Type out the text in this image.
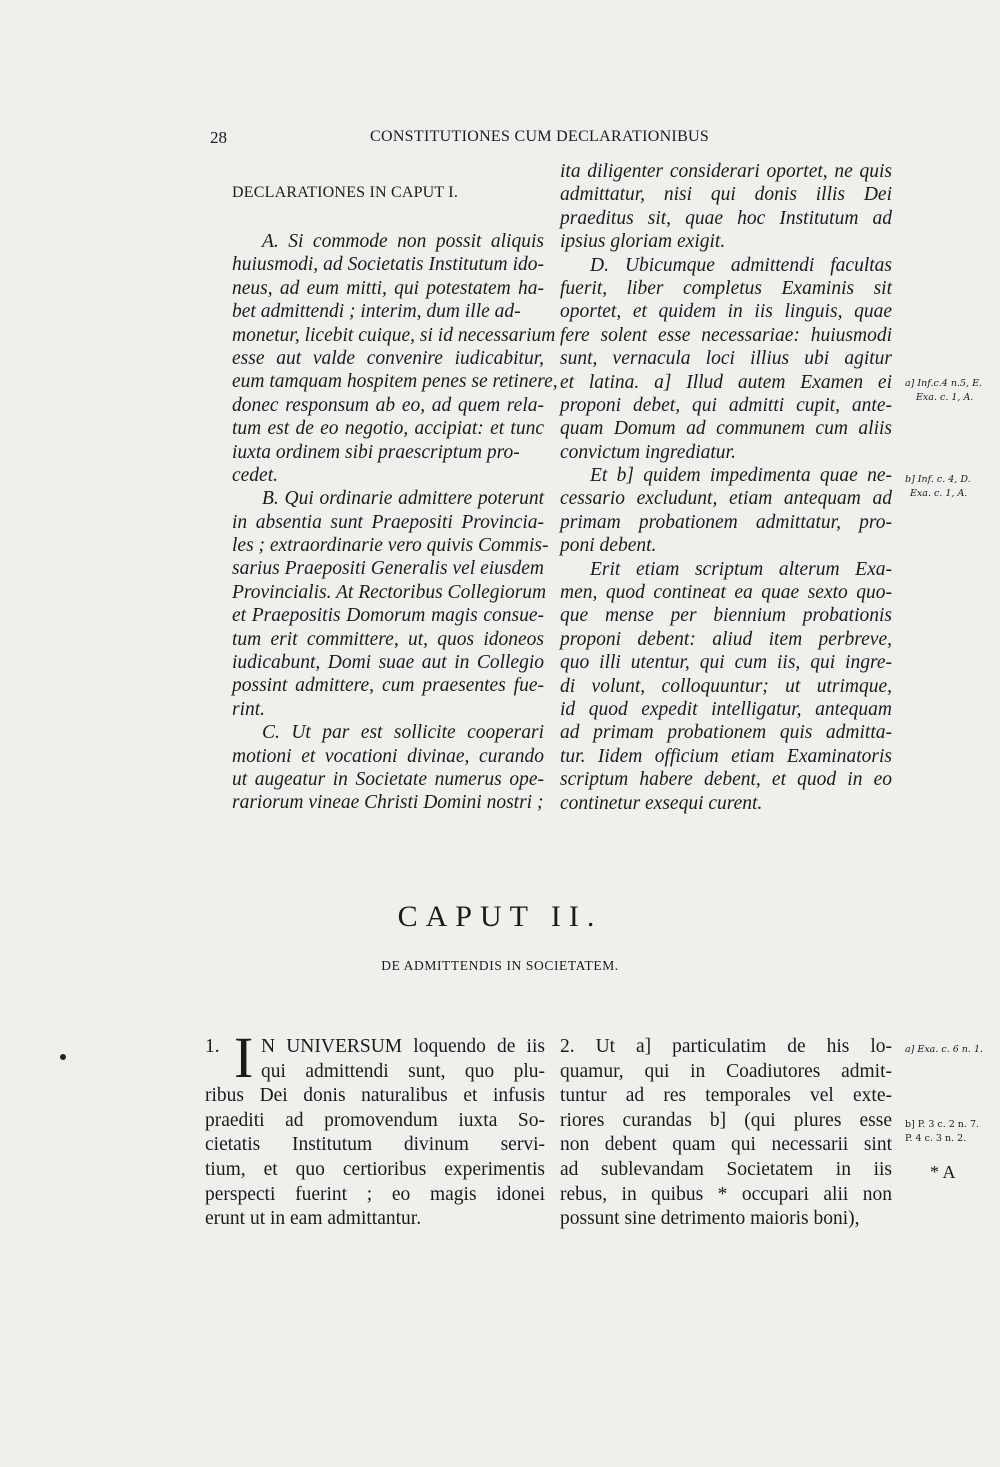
28	CONSTITUTIONES CUM DECLARATIONIBUS
DECLARATIONES IN CAPUT I.
A. Si commode non possit aliquis
huiusmodi, ad Societatis Institutum ido-
neus, ad eum mitti, qui potestatem ha-
bet admittendi ; interim, dum ille ad-
monetur, licebit cuique, si id necessarium
esse aut valde convenire iudicabitur,
eum tamquam hospitem penes se retinere,
donec responsum ab eo, ad quem rela-
tum est de eo negotio, accipiat: et tunc
iuxta ordinem sibi praescriptum pro-
cedet.
B. Qui ordinarie admittere poterunt
in absentia sunt Praepositi Provincia-
les ; extraordinarie vero quivis Commis-
sarius Praepositi Generalis vel eiusdem
Provincialis. At Rectoribus Collegiorum
et Praepositis Domorum magis consue-
tum erit committere, ut, quos idoneos
iudicabunt, Domi suae aut in Collegio
possint admittere, cum praesentes fue-
rint.
C. Ut par est sollicite cooperari
motioni et vocationi divinae, curando
ut augeatur in Societate numerus ope-
rariorum vineae Christi Domini nostri ;
ita diligenter considerari oportet, ne quis
admittatur, nisi qui donis illis Dei
praeditus sit, quae hoc Institutum ad
ipsius gloriam exigit.
D. Ubicumque admittendi facultas
fuerit, liber completus Examinis sit
oportet, et quidem in iis linguis, quae
fere solent esse necessariae: huiusmodi
sunt, vernacula loci illius ubi agitur
et latina. a] Illud autem Examen ei
proponi debet, qui admitti cupit, ante-
quam Domum ad communem cum aliis
convictum ingrediatur.
Et b] quidem impedimenta quae ne-
cessario excludunt, etiam antequam ad
primam probationem admittatur, pro-
poni debent.
Erit etiam scriptum alterum Exa-
men, quod contineat ea quae sexto quo-
que mense per biennium probationis
proponi debent: aliud item perbreve,
quo illi utentur, qui cum iis, qui ingre-
di volunt, colloquuntur; ut utrimque,
id quod expedit intelligatur, antequam
ad primam probationem quis admitta-
tur. Iidem officium etiam Examinatoris
scriptum habere debent, et quod in eo
continetur exsequi curent.
CAPUT II.
DE ADMITTENDIS IN SOCIETATEM.
I
1.	N UNIVERSUM loquendo de iis
qui admittendi sunt, quo plu-
ribus Dei donis naturalibus et infusis
praediti ad promovendum iuxta So-
cietatis Institutum divinum servi-
tium, et quo certioribus experimentis
perspecti fuerint ; eo magis idonei
erunt ut in eam admittantur.
2. Ut a] particulatim de his lo-
quamur, qui in Coadiutores admit-
tuntur ad res temporales vel exte-
riores curandas b] (qui plures esse
non debent quam qui necessarii sint
ad sublevandam Societatem in iis
rebus, in quibus * occupari alii non
possunt sine detrimento maioris boni),
a] Inf.c.4 n.5, E.
Exa. c. 1, A.
b] Inf. c. 4, D.
Exa. c. 1, A.
a] Exa. c. 6 n. 1.
b] P. 3 c. 2 n. 7.
P. 4 c. 3 n. 2.
* A
